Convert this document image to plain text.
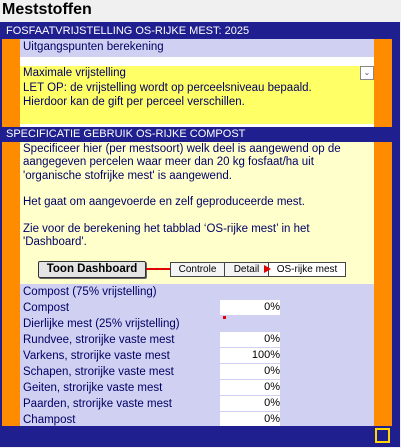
Meststoffen
FOSFAATVRIJSTELLING OS-RIJKE MEST: 2025
Uitgangspunten berekening
Maximale vrijstelling	⌄
LET OP: de vrijstelling wordt op perceelsniveau bepaald.
Hierdoor kan de gift per perceel verschillen.

Specificeer hier (per mestsoort) welk deel is aangewend op de aangegeven percelen waar meer dan 20 kg fosfaat/ha uit 'organische stofrijke mest' is aangewend.

Het gaat om aangevoerde en zelf geproduceerde mest.

Zie voor de berekening het tabblad ‘OS-rijke mest’ in het 'Dashboard'.

Toon Dashboard	Controle	Detail	OS-rijke mest
Compost (75% vrijstelling)
Compost	0%
Dierlijke mest (25% vrijstelling)
Rundvee, strorijke vaste mest	0%
Varkens, strorijke vaste mest	100%
Schapen, strorijke vaste mest	0%
Geiten, strorijke vaste mest	0%
Paarden, strorijke vaste mest	0%
Champost	0%
SPECIFICATIE GEBRUIK OS-RIJKE COMPOST
